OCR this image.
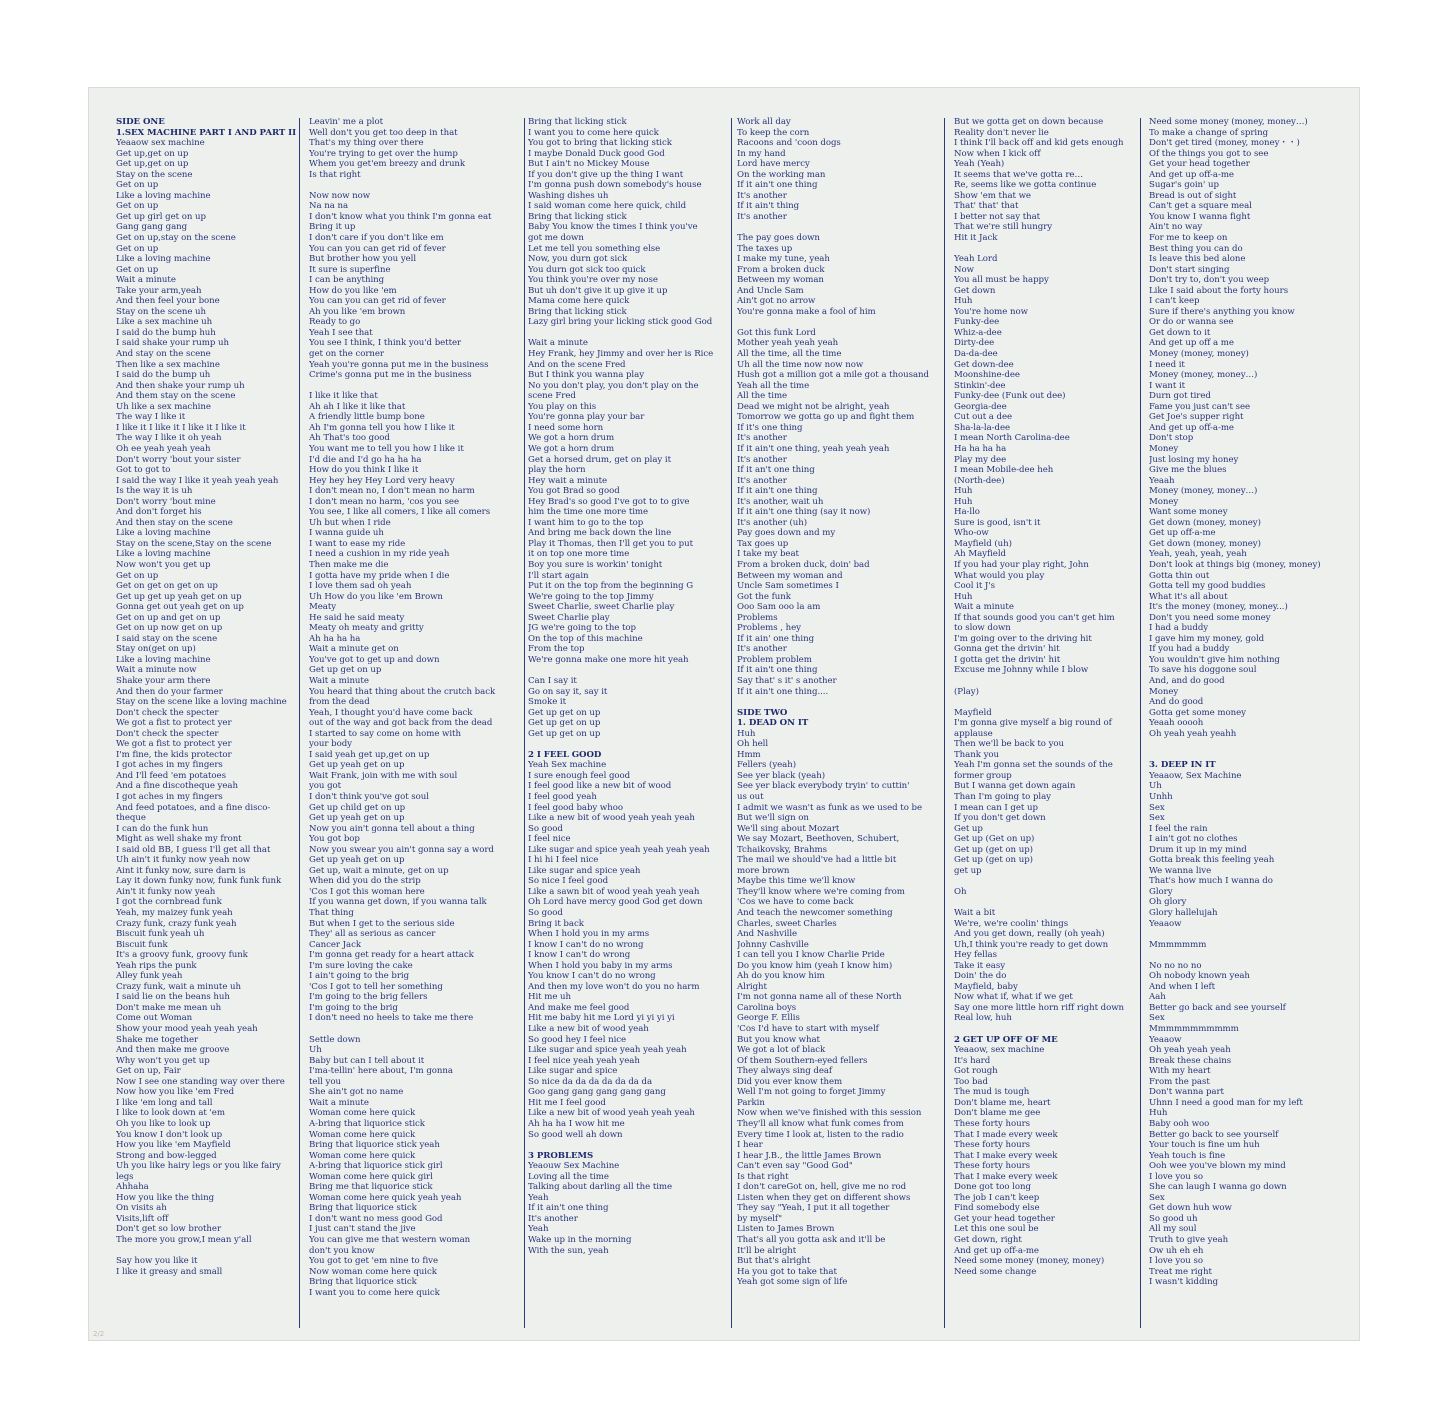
SIDE ONE
1.SEX MACHINE PART I AND PART II
Yeaaow sex machine
Get up,get on up
Get up,get on up
Stay on the scene
Get on up
Like a loving machine
Get on up
Get up girl get on up
Gang gang gang
Get on up,stay on the scene
Get on up
Like a loving machine
Get on up
Wait a minute
Take your arm,yeah
And then feel your bone
Stay on the scene uh
Like a sex machine uh
I said do the bump huh
I said shake your rump uh
And stay on the scene
Then like a sex machine
I said do the bump uh
And then shake your rump uh
And them stay on the scene
Uh like a sex machine
The way I like it
I like it I like it I like it I like it
The way I like it oh yeah
Oh ee yeah yeah yeah
Don't worry 'bout your sister
Got to got to
I said the way I like it yeah yeah yeah
Is the way it is uh
Don't worry 'bout mine
And don't forget his
And then stay on the scene
Like a loving machine
Stay on the scene,Stay on the scene
Like a loving machine
Now won't you get up
Get on up
Get on get on get on up
Get up get up yeah get on up
Gonna get out yeah get on up
Get on up and get on up
Get on up now get on up
I said stay on the scene
Stay on(get on up)
Like a loving machine
Wait a minute now
Shake your arm there
And then do your farmer
Stay on the scene like a loving machine
Don't check the specter
We got a fist to protect yer
Don't check the specter
We got a fist to protect yer
I'm fine, the kids protector
I got aches in my fingers
And I'll feed 'em potatoes
And a fine discotheque yeah
I got aches in my fingers
And feed potatoes, and a fine disco-
theque
I can do the funk hun
Might as well shake my front
I said old BB, I guess I'll get all that
Uh ain't it funky now yeah now
Aint it funky now, sure darn is
Lay it down funky now, funk funk funk
Ain't it funky now yeah
I got the cornbread funk
Yeah, my maizey funk yeah
Crazy funk, crazy funk yeah
Biscuit funk yeah uh
Biscuit funk
It's a groovy funk, groovy funk
Yeah rips the punk
Alley funk yeah
Crazy funk, wait a minute uh
I said lie on the beans huh
Don't make me mean uh
Come out Woman
Show your mood yeah yeah yeah
Shake me together
And then make me groove
Why won't you get up
Get on up, Fair
Now I see one standing way over there
Now how you like 'em Fred
I like 'em long and tall
I like to look down at 'em
Oh you like to look up
You know I don't look up
How you like 'em Mayfield
Strong and bow-legged
Uh you like hairy legs or you like fairy
legs
Ahhaha
How you like the thing
On visits ah
Visits,lift off
Don't get so low brother
The more you grow,I mean y'all
Say how you like it
I like it greasy and small
Leavin' me a plot
Well don't you get too deep in that
That's my thing over there
You're trying to get over the hump
Whem you get'em breezy and drunk
Is that right
Now now now
Na na na
I don't know what you think I'm gonna eat
Bring it up
I don't care if you don't like em
You can you can get rid of fever
But brother how you yell
It sure is superfine
I can be anything
How do you like 'em
You can you can get rid of fever
Ah you like 'em brown
Ready to go
Yeah I see that
You see I think, I think you'd better
get on the corner
Yeah you're gonna put me in the business
Crime's gonna put me in the business
I like it like that
Ah ah I like it like that
A friendly little bump bone
Ah I'm gonna tell you how I like it
Ah That's too good
You want me to tell you how I like it
I'd die and I'd go ha ha ha
How do you think I like it
Hey hey hey Hey Lord very heavy
I don't mean no, I don't mean no harm
I don't mean no harm, 'cos you see
You see, I like all comers, I like all comers
Uh but when I ride
I wanna guide uh
I want to ease my ride
I need a cushion in my ride yeah
Then make me die
I gotta have my pride when I die
I love them sad oh yeah
Uh How do you like 'em Brown
Meaty
He said he said meaty
Meaty oh meaty and gritty
Ah ha ha ha
Wait a minute get on
You've got to get up and down
Get up get on up
Wait a minute
You heard that thing about the crutch back
from the dead
Yeah, I thought you'd have come back
out of the way and got back from the dead
I started to say come on home with
your body
I said yeah get up,get on up
Get up yeah get on up
Wait Frank, join with me with soul
you got
I don't think you've got soul
Get up child get on up
Get up yeah get on up
Now you ain't gonna tell about a thing
You got bop
Now you swear you ain't gonna say a word
Get up yeah get on up
Get up, wait a minute, get on up
When did you do the strip
'Cos I got this woman here
If you wanna get down, if you wanna talk
That thing
But when I get to the serious side
They' all as serious as cancer
Cancer Jack
I'm gonna get ready for a heart attack
I'm sure loving the cake
I ain't going to the brig
'Cos I got to tell her something
I'm going to the brig fellers
I'm going to the brig
I don't need no heels to take me there
Settle down
Uh
Baby but can I tell about it
I'ma-tellin' here about, I'm gonna
tell you
She ain't got no name
Wait a minute
Woman come here quick
A-bring that liquorice stick
Woman come here quick
Bring that liquorice stick yeah
Woman come here quick
A-bring that liquorice stick girl
Woman come here quick girl
Bring me that liquorice stick
Woman come here quick yeah yeah
Bring that liquorice stick
I don't want no mess good God
I just can't stand the jive
You can give me that western woman
don't you know
You got to get 'em nine to five
Now woman come here quick
Bring that liquorice stick
I want you to come here quick
Bring that licking stick
I want you to come here quick
You got to bring that licking stick
I maybe Donald Duck good God
But I ain't no Mickey Mouse
If you don't give up the thing I want
I'm gonna push down somebody's house
Washing dishes uh
I said woman come here quick, child
Bring that licking stick
Baby You know the times I think you've
got me down
Let me tell you something else
Now, you durn got sick
You durn got sick too quick
You think you're over my nose
But uh don't give it up give it up
Mama come here quick
Bring that licking stick
Lazy girl bring your licking stick good God
Wait a minute
Hey Frank, hey Jimmy and over her is Rice
And on the scene Fred
But I think you wanna play
No you don't play, you don't play on the
scene Fred
You play on this
You're gonna play your bar
I need some horn
We got a horn drum
We got a horn drum
Get a horsed drum, get on play it
play the horn
Hey wait a minute
You got Brad so good
Hey Brad's so good I've got to to give
him the time one more time
I want him to go to the top
And bring me back down the line
Play it Thomas, then I'll get you to put
it on top one more time
Boy you sure is workin' tonight
I'll start again
Put it on the top from the beginning G
We're going to the top Jimmy
Sweet Charlie, sweet Charlie play
Sweet Charlie play
JG we're going to the top
On the top of this machine
From the top
We're gonna make one more hit yeah
Can I say it
Go on say it, say it
Smoke it
Get up get on up
Get up get on up
Get up get on up
2 I FEEL GOOD
Yeah Sex machine
I sure enough feel good
I feel good like a new bit of wood
I feel good yeah
I feel good baby whoo
Like a new bit of wood yeah yeah yeah
So good
I feel nice
Like sugar and spice yeah yeah yeah yeah
I hi hi I feel nice
Like sugar and spice yeah
So nice I feel good
Like a sawn bit of wood yeah yeah yeah
Oh Lord have mercy good God get down
So good
Bring it back
When I hold you in my arms
I know I can't do no wrong
I know I can't do wrong
When I hold you baby in my arms
You know I can't do no wrong
And then my love won't do you no harm
Hit me uh
And make me feel good
Hit me baby hit me Lord yi yi yi yi
Like a new bit of wood yeah
So good hey I feel nice
Like sugar and spice yeah yeah yeah
I feel nice yeah yeah yeah
Like sugar and spice
So nice da da da da da da da
Goo gang gang gang gang gang
Hit me I feel good
Like a new bit of wood yeah yeah yeah
Ah ha ha I wow hit me
So good well ah down
3 PROBLEMS
Yeaouw Sex Machine
Loving all the time
Talking about darling all the time
Yeah
If it ain't one thing
It's another
Yeah
Wake up in the morning
With the sun, yeah
Work all day
To keep the corn
Racoons and 'coon dogs
In my hand
Lord have mercy
On the working man
If it ain't one thing
It's another
If it ain't thing
It's another
The pay goes down
The taxes up
I make my tune, yeah
From a broken duck
Between my woman
And Uncle Sam
Ain't got no arrow
You're gonna make a fool of him
Got this funk Lord
Mother yeah yeah yeah
All the time, all the time
Uh all the time now now now
Hush got a million got a mile got a thousand
Yeah all the time
All the time
Dead we might not be alright, yeah
Tomorrow we gotta go up and fight them
If it's one thing
It's another
If it ain't one thing, yeah yeah yeah
It's another
If it an't one thing
It's another
If it ain't one thing
It's another, wait uh
If it ain't one thing (say it now)
It's another (uh)
Pay goes down and my
Tax goes up
I take my beat
From a broken duck, doin' bad
Between my woman and
Uncle Sam sometimes I
Got the funk
Ooo Sam ooo la am
Problems
Problems , hey
If it ain' one thing
It's another
Problem problem
If it ain't one thing
Say that' s it' s another
If it ain't one thing....
SIDE TWO
1. DEAD ON IT
Huh
Oh hell
Hmm
Fellers (yeah)
See yer black (yeah)
See yer black everybody tryin' to cuttin'
us out
I admit we wasn't as funk as we used to be
But we'll sign on
We'll sing about Mozart
We say Mozart, Beethoven, Schubert,
Tchaikovsky, Brahms
The mail we should've had a little bit
more brown
Maybe this time we'll know
They'll know where we're coming from
'Cos we have to come back
And teach the newcomer something
Charles, sweet Charles
And Nashville
Johnny Cashville
I can tell you I know Charlie Pride
Do you know him (yeah I know him)
Ah do you know him
Alright
I'm not gonna name all of these North
Carolina boys
George F. Ellis
'Cos I'd have to start with myself
But you know what
We got a lot of black
Of them Southern-eyed fellers
They always sing deaf
Did you ever know them
Well I'm not going to forget Jimmy
Parkin
Now when we've finished with this session
They'll all know what funk comes from
Every time I look at, listen to the radio
I hear
I hear J.B., the little James Brown
Can't even say "Good God"
Is that right
I don't careGot on, hell, give me no rod
Listen when they get on different shows
They say "Yeah, I put it all together
by myself"
Listen to James Brown
That's all you gotta ask and it'll be
It'll be alright
But that's alright
Ha you got to take that
Yeah got some sign of life
But we gotta get on down because
Reality don't never lie
I think I'll back off and kid gets enough
Now when I kick off
Yeah (Yeah)
It seems that we've gotta re…
Re, seems like we gotta continue
Show 'em that we
That' that' that
I better not say that
That we're still hungry
Hit it Jack
Yeah Lord
Now
You all must be happy
Get down
Huh
You're home now
Funky-dee
Whiz-a-dee
Dirty-dee
Da-da-dee
Get down-dee
Moonshine-dee
Stinkin'-dee
Funky-dee (Funk out dee)
Georgia-dee
Cut out a dee
Sha-la-la-dee
I mean North Carolina-dee
Ha ha ha ha
Play my dee
I mean Mobile-dee heh
(North-dee)
Huh
Huh
Ha-llo
Sure is good, isn't it
Who-ow
Mayfield (uh)
Ah Mayfield
If you had your play right, John
What would you play
Cool it J's
Huh
Wait a minute
If that sounds good you can't get him
to slow down
I'm going over to the driving hit
Gonna get the drivin' hit
I gotta get the drivin' hit
Excuse me Johnny while I blow
(Play)
Mayfield
I'm gonna give myself a big round of
applause
Then we'll be back to you
Thank you
Yeah I'm gonna set the sounds of the
former group
But I wanna get down again
Than I'm going to play
I mean can I get up
If you don't get down
Get up
Get up (Get on up)
Get up (get on up)
Get up (get on up)
get up
Oh
Wait a bit
We're, we're coolin' things
And you get down, really (oh yeah)
Uh,I think you're ready to get down
Hey fellas
Take it easy
Doin' the do
Mayfield, baby
Now what if, what if we get
Say one more little horn riff right down
Real low, huh
2 GET UP OFF OF ME
Yeaaow, sex machine
It's hard
Got rough
Too bad
The mud is tough
Don't blame me, heart
Don't blame me gee
These forty hours
That I made every week
These forty hours
That I make every week
These forty hours
That I make every week
Done got too long
The job I can't keep
Find somebody else
Get your head together
Let this one soul be
Get down, right
And get up off-a-me
Need some money (money, money)
Need some change
Need some money (money, money…)
To make a change of spring
Don't get tired (money, money・・)
Of the things you got to see
Get your head together
And get up off-a-me
Sugar's goin' up
Bread is out of sight
Can't get a square meal
You know I wanna fight
Ain't no way
For me to keep on
Best thing you can do
Is leave this bed alone
Don't start singing
Don't try to, don't you weep
Like I said about the forty hours
I can't keep
Sure if there's anything you know
Or do or wanna see
Get down to it
And get up off a me
Money (money, money)
I need it
Money (money, money…)
I want it
Durn got tired
Fame you just can't see
Get Joe's supper right
And get up off-a-me
Don't stop
Money
Just losing my honey
Give me the blues
Yeaah
Money (money, money…)
Money
Want some money
Get down (money, money)
Get up off-a-me
Get down (money, money)
Yeah, yeah, yeah, yeah
Don't look at things big (money, money)
Gotta thin out
Gotta tell my good buddies
What it's all about
It's the money (money, money...)
Don't you need some money
I had a buddy
I gave him my money, gold
If you had a buddy
You wouldn't give him nothing
To save his doggone soul
And, and do good
Money
And do good
Gotta get some money
Yeaah ooooh
Oh yeah yeah yeahh
3. DEEP IN IT
Yeaaow, Sex Machine
Uh
Unhh
Sex
Sex
I feel the rain
I ain't got no clothes
Drum it up in my mind
Gotta break this feeling yeah
We wanna live
That's how much I wanna do
Glory
Oh glory
Glory hallelujah
Yeaaow
Mmmmmmm
No no no no
Oh nobody known yeah
And when I left
Aah
Better go back and see yourself
Sex
Mmmmmmmmmmm
Yeaaow
Oh yeah yeah yeah
Break these chains
With my heart
From the past
Don't wanna part
Uhnn I need a good man for my left
Huh
Baby ooh woo
Better go back to see yourself
Your touch is fine um huh
Yeah touch is fine
Ooh wee you've blown my mind
I love you so
She can laugh I wanna go down
Sex
Get down huh wow
So good uh
All my soul
Truth to give yeah
Ow uh eh eh
I love you so
Treat me right
I wasn't kidding
2/2
